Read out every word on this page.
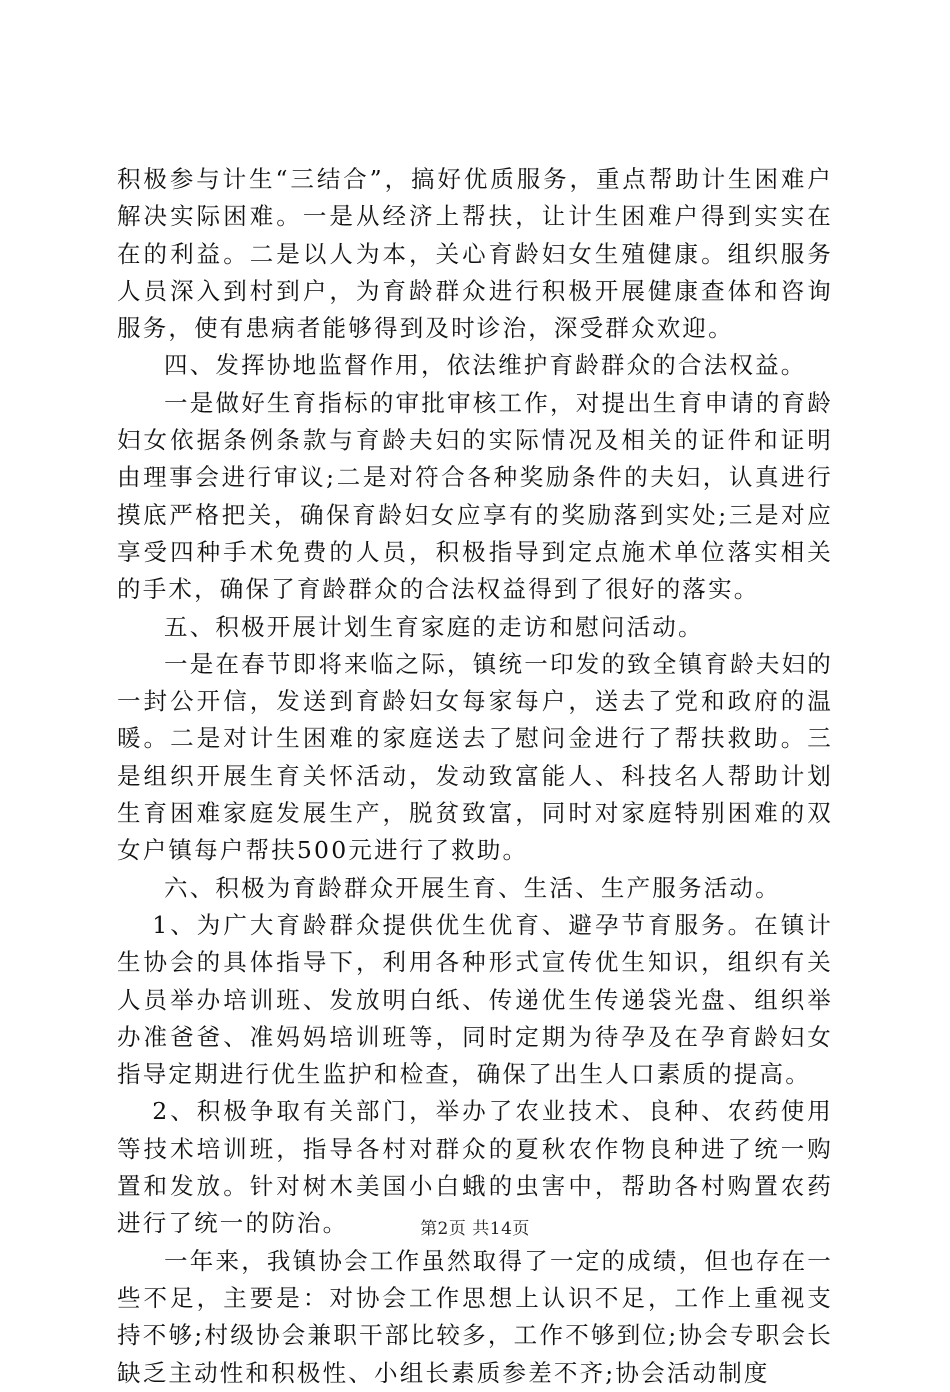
积极参与计生“三结合”，搞好优质服务，重点帮助计生困难户解决实际困难。一是从经济上帮扶，让计生困难户得到实实在在的利益。二是以人为本，关心育龄妇女生殖健康。组织服务人员深入到村到户，为育龄群众进行积极开展健康查体和咨询服务，使有患病者能够得到及时诊治，深受群众欢迎。

四、发挥协地监督作用，依法维护育龄群众的合法权益。

一是做好生育指标的审批审核工作，对提出生育申请的育龄妇女依据条例条款与育龄夫妇的实际情况及相关的证件和证明由理事会进行审议;二是对符合各种奖励条件的夫妇，认真进行摸底严格把关，确保育龄妇女应享有的奖励落到实处;三是对应享受四种手术免费的人员，积极指导到定点施术单位落实相关的手术，确保了育龄群众的合法权益得到了很好的落实。

五、积极开展计划生育家庭的走访和慰问活动。

一是在春节即将来临之际，镇统一印发的致全镇育龄夫妇的一封公开信，发送到育龄妇女每家每户，送去了党和政府的温暖。二是对计生困难的家庭送去了慰问金进行了帮扶救助。三是组织开展生育关怀活动，发动致富能人、科技名人帮助计划生育困难家庭发展生产，脱贫致富，同时对家庭特别困难的双女户镇每户帮扶500元进行了救助。

六、积极为育龄群众开展生育、生活、生产服务活动。

1、为广大育龄群众提供优生优育、避孕节育服务。在镇计生协会的具体指导下，利用各种形式宣传优生知识，组织有关人员举办培训班、发放明白纸、传递优生传递袋光盘、组织举办准爸爸、准妈妈培训班等，同时定期为待孕及在孕育龄妇女指导定期进行优生监护和检查，确保了出生人口素质的提高。

2、积极争取有关部门，举办了农业技术、良种、农药使用等技术培训班，指导各村对群众的夏秋农作物良种进了统一购置和发放。针对树木美国小白蛾的虫害中，帮助各村购置农药进行了统一的防治。

一年来，我镇协会工作虽然取得了一定的成绩，但也存在一些不足，主要是：对协会工作思想上认识不足，工作上重视支持不够;村级协会兼职干部比较多，工作不够到位;协会专职会长缺乏主动性和积极性、小组长素质参差不齐;协会活动制度

第2页 共14页
